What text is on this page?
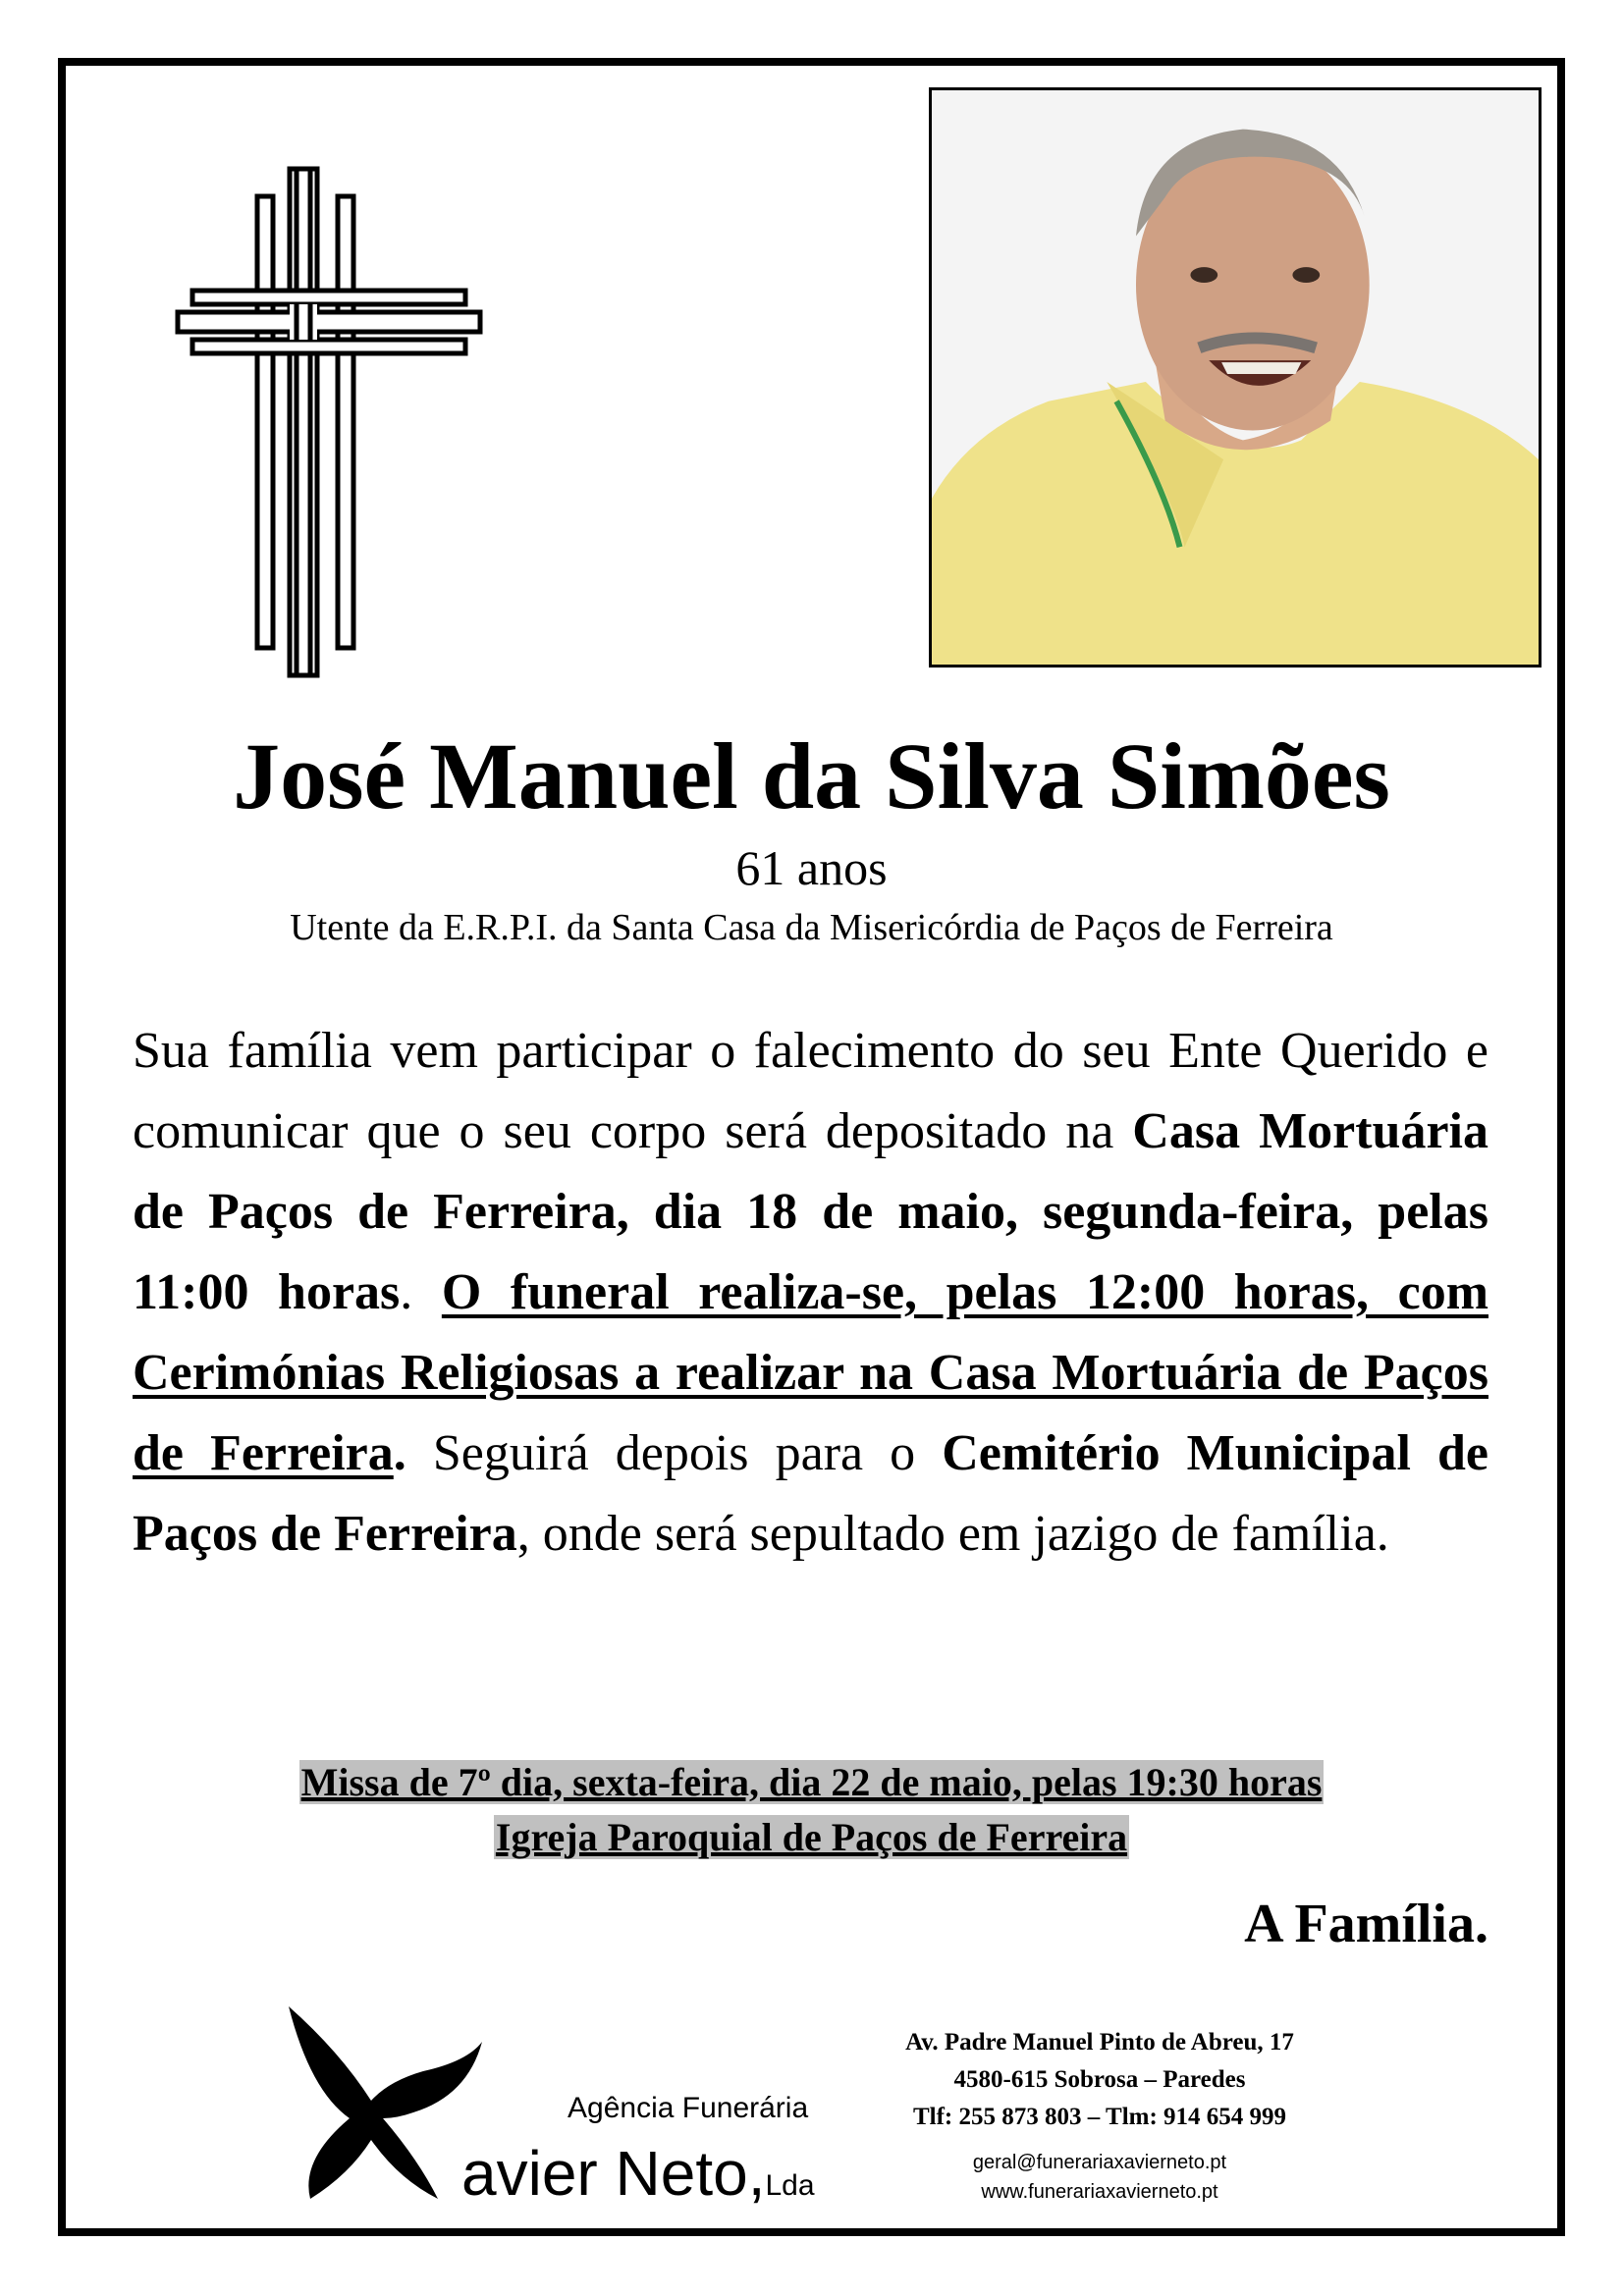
José Manuel da Silva Simões
61 anos
Utente da E.R.P.I. da Santa Casa da Misericórdia de Paços de Ferreira
Sua família vem participar o falecimento do seu Ente Querido e comunicar que o seu corpo será depositado na Casa Mortuária de Paços de Ferreira, dia 18 de maio, segunda-feira, pelas 11:00 horas. O funeral realiza-se, pelas 12:00 horas, com Cerimónias Religiosas a realizar na Casa Mortuária de Paços de Ferreira. Seguirá depois para o Cemitério Municipal de Paços de Ferreira, onde será sepultado em jazigo de família.
Missa de 7º dia, sexta-feira, dia 22 de maio, pelas 19:30 horas
Igreja Paroquial de Paços de Ferreira
A Família.
Agência Funerária
avier Neto,Lda
Av. Padre Manuel Pinto de Abreu, 17
4580-615 Sobrosa – Paredes
Tlf: 255 873 803 – Tlm: 914 654 999
geral@funerariaxavierneto.pt
www.funerariaxavierneto.pt
